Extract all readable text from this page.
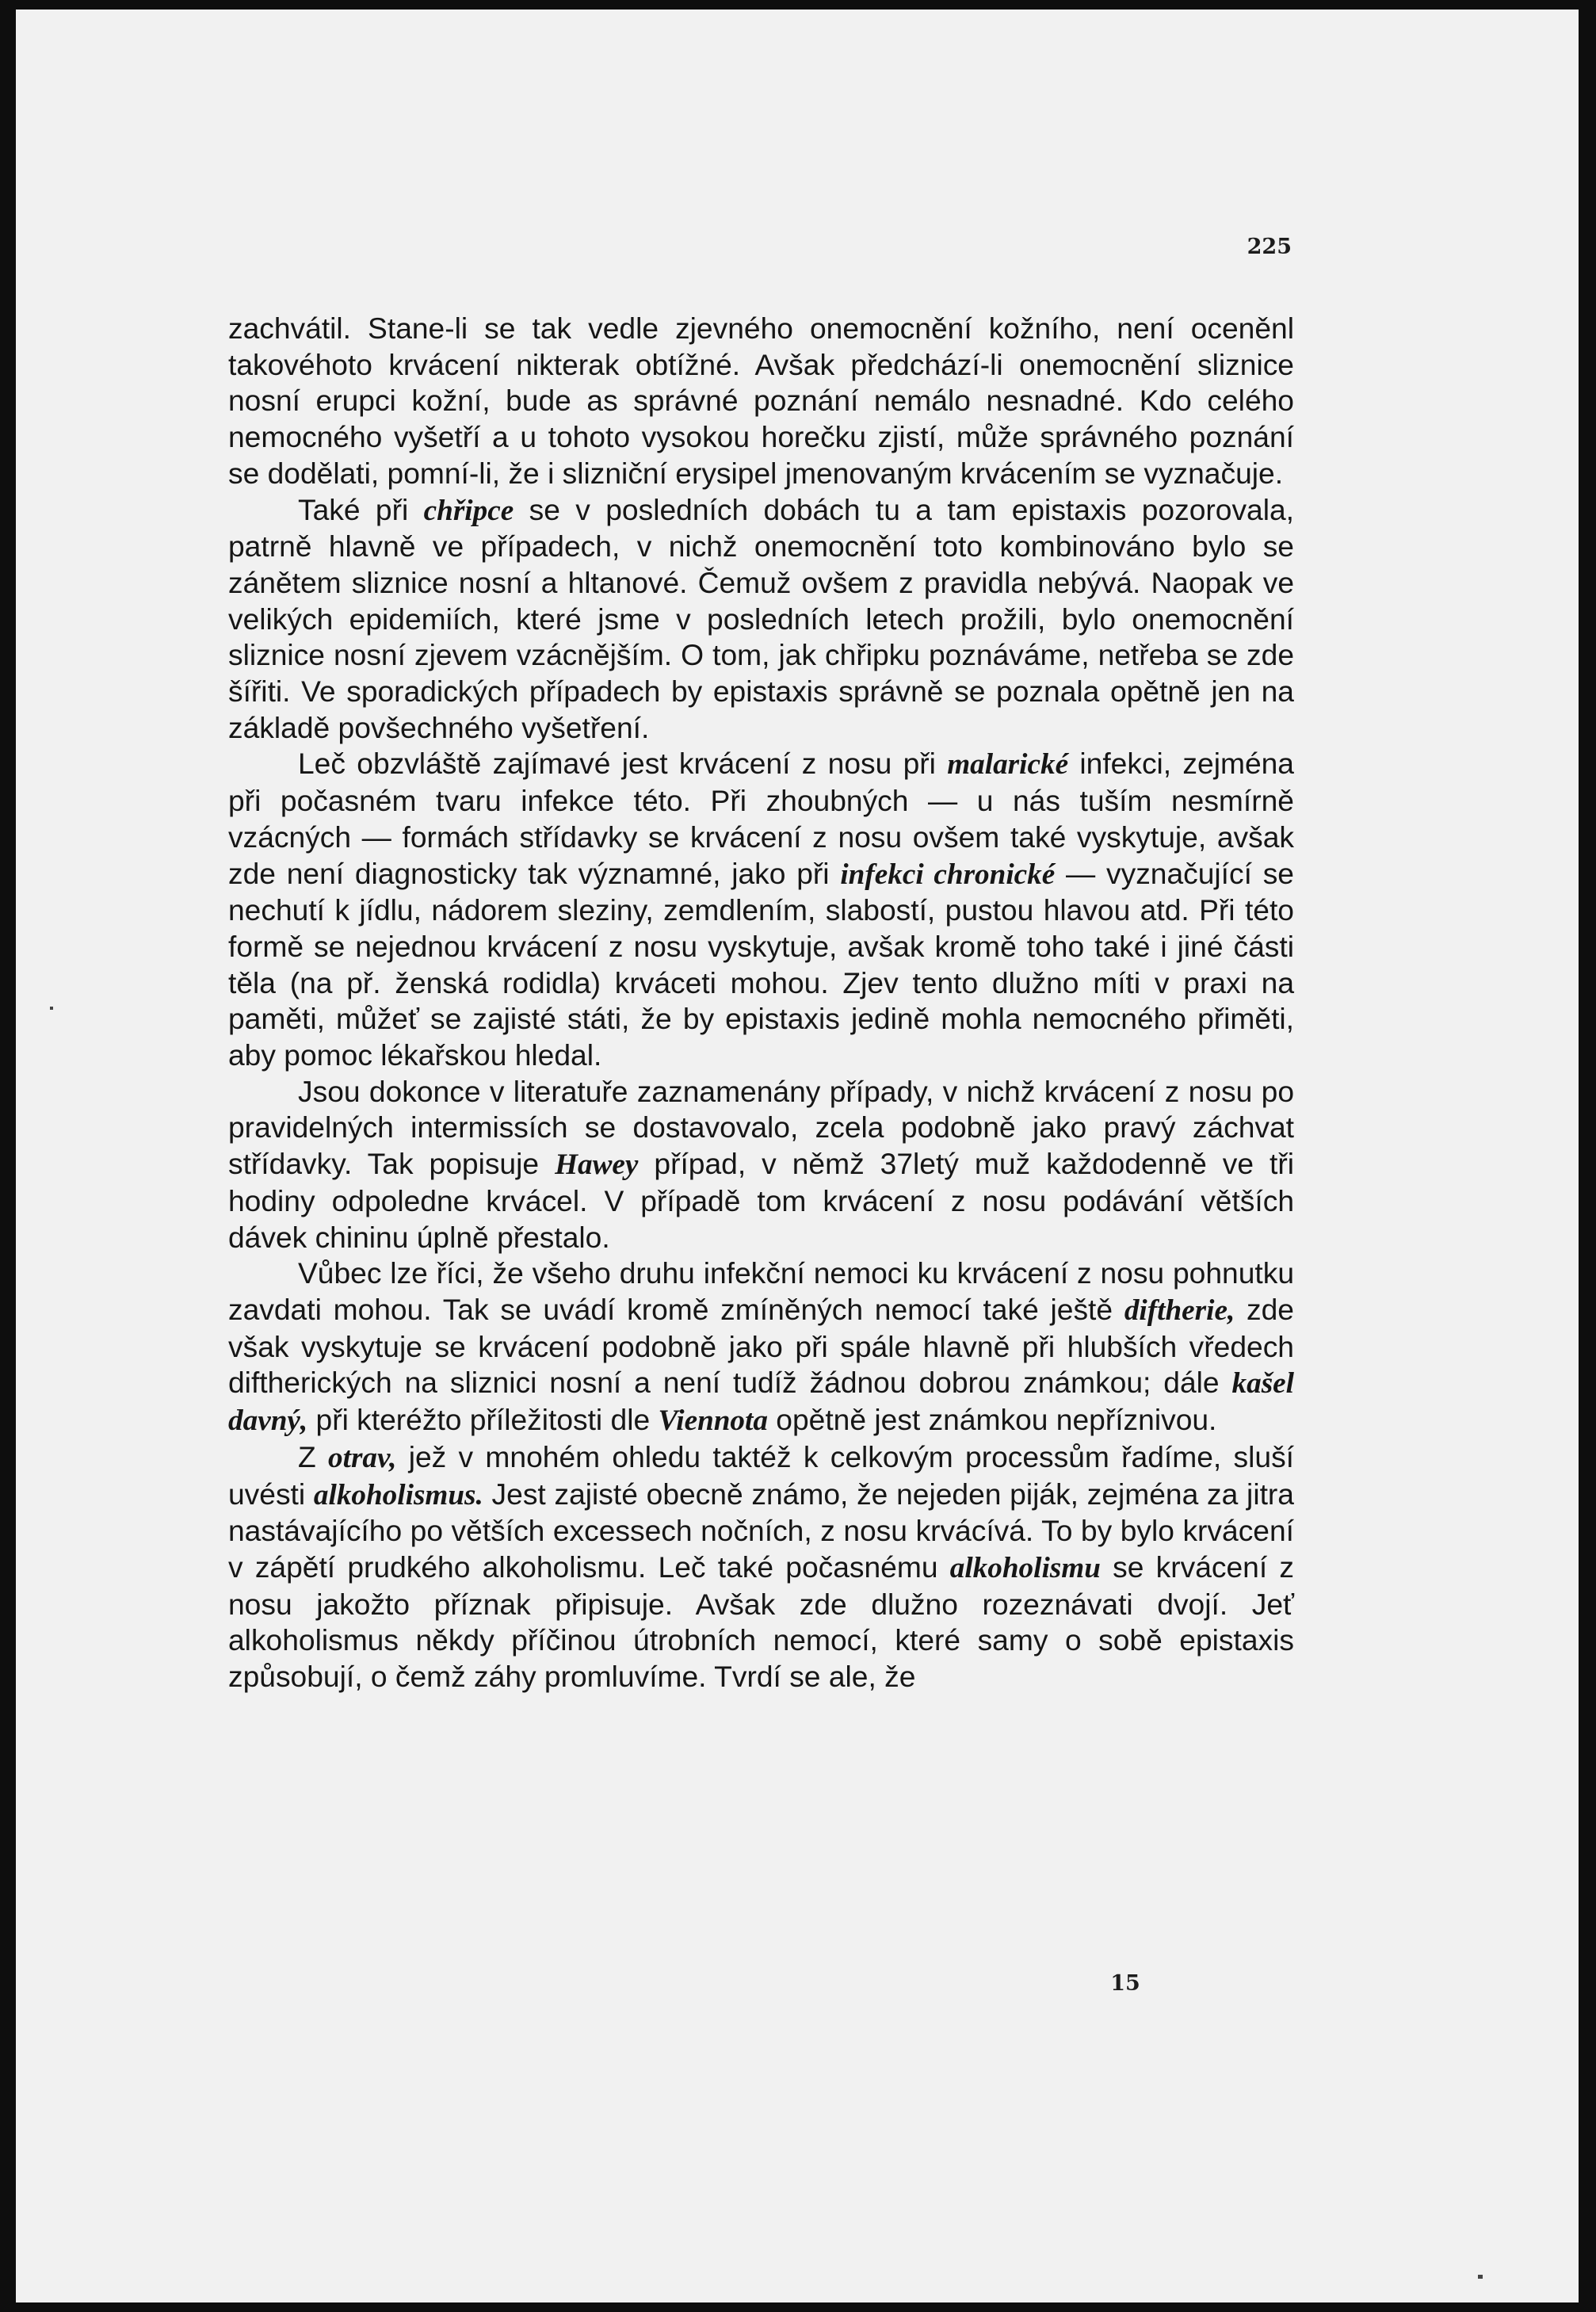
225

zachvátil. Stane-li se tak vedle zjevného onemocnění kožního, není oceněnl takovéhoto krvácení nikterak obtížné. Avšak předchází-li onemocnění sliznice nosní erupci kožní, bude as správné poznání nemálo nesnadné. Kdo celého nemocného vyšetří a u tohoto vysokou horečku zjistí, může správného poznání se dodělati, pomní-li, že i slizniční erysipel jmenovaným krvácením se vyznačuje.

Také při chřipce se v posledních dobách tu a tam epistaxis pozorovala, patrně hlavně ve případech, v nichž onemocnění toto kombinováno bylo se zánětem sliznice nosní a hltanové. Čemuž ovšem z pravidla nebývá. Naopak ve velikých epidemiích, které jsme v posledních letech prožili, bylo onemocnění sliznice nosní zjevem vzácnějším. O tom, jak chřipku poznáváme, netřeba se zde šířiti. Ve sporadických případech by epistaxis správně se poznala opětně jen na základě povšechného vyšetření.

Leč obzvláště zajímavé jest krvácení z nosu při malarické infekci, zejména při počasném tvaru infekce této. Při zhoubných — u nás tuším nesmírně vzácných — formách střídavky se krvácení z nosu ovšem také vyskytuje, avšak zde není diagnosticky tak významné, jako při infekci chronické — vyznačující se nechutí k jídlu, nádorem sleziny, zemdlením, slabostí, pustou hlavou atd. Při této formě se nejednou krvácení z nosu vyskytuje, avšak kromě toho také i jiné části těla (na př. ženská rodidla) krváceti mohou. Zjev tento dlužno míti v praxi na paměti, můžeť se zajisté státi, že by epistaxis jedině mohla nemocného přiměti, aby pomoc lékařskou hledal.

Jsou dokonce v literatuře zaznamenány případy, v nichž krvácení z nosu po pravidelných intermissích se dostavovalo, zcela podobně jako pravý záchvat střídavky. Tak popisuje Hawey případ, v němž 37letý muž každodenně ve tři hodiny odpoledne krvácel. V případě tom krvácení z nosu podávání větších dávek chininu úplně přestalo.

Vůbec lze říci, že všeho druhu infekční nemoci ku krvácení z nosu pohnutku zavdati mohou. Tak se uvádí kromě zmíněných nemocí také ještě diftherie, zde však vyskytuje se krvácení podobně jako při spále hlavně při hlubších vředech diftherických na sliznici nosní a není tudíž žádnou dobrou známkou; dále kašel davný, při kteréžto příležitosti dle Viennota opětně jest známkou nepříznivou.

Z otrav, jež v mnohém ohledu taktéž k celkovým processům řadíme, sluší uvésti alkoholismus. Jest zajisté obecně známo, že nejeden piják, zejména za jitra nastávajícího po větších excessech nočních, z nosu krvácívá. To by bylo krvácení v zápětí prudkého alkoholismu. Leč také počasnému alkoholismu se krvácení z nosu jakožto příznak připisuje. Avšak zde dlužno rozeznávati dvojí. Jeť alkoholismus někdy příčinou útrobních nemocí, které samy o sobě epistaxis způsobují, o čemž záhy promluvíme. Tvrdí se ale, že

15
